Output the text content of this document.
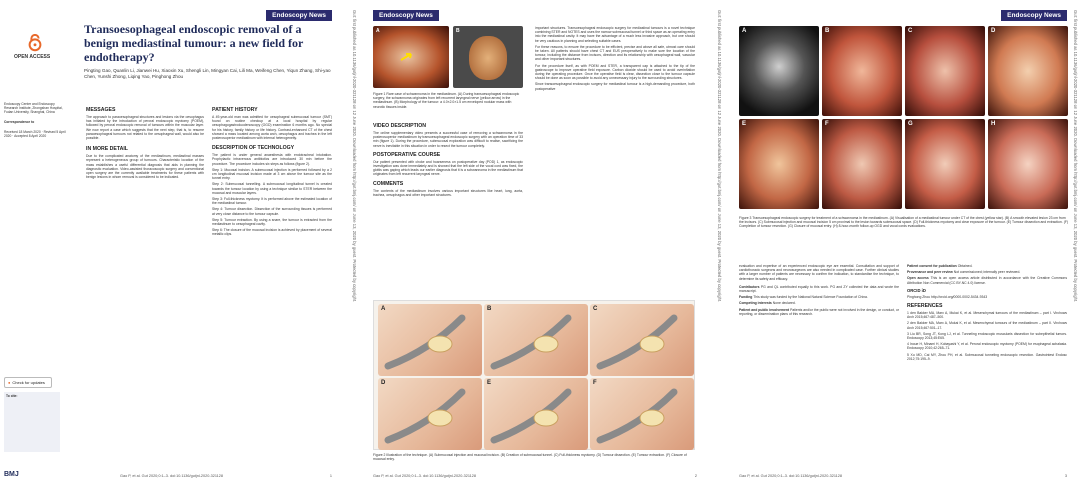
Endoscopy News
OPEN ACCESS
Transoesophageal endoscopic removal of a benign mediastinal tumour: a new field for endotherapy?
Pingting Gao, Quanlin Li, Jianwei Hu, Xiaoxin Xu, Shengli Lin, Mingyan Cai, Lili Ma, Weifeng Chen, Yiqun Zhang, Shi-yao Chen, Yunshi Zhong, Liqing Yao, Pinghong Zhou
Endoscopy Center and Endoscopy Research Institute, Zhongshan Hospital, Fudan University, Shanghai, China
Correspondence to
Received 18 March 2020 · Revised 5 April 2020 · Accepted 8 April 2020
● Check for updates
To cite:
MESSAGES

The approach to paraoesophageal structures and lesions via the oesophagus has initiated by the introduction of peroral endoscopic myotomy (POEM), followed by peroral endoscopic removal of tumours within the muscular layer. We now report a case which suggests that the next step, that is, to resume paraoesophageal tumours not related to the oesophageal wall, would also be possible.

IN MORE DETAIL

Due to the complicated anatomy of the mediastinum, mediastinal masses represent a heterogeneous group of tumours. Characteristic location of the mass establishes a useful differential diagnosis that aids in planning the diagnostic evaluation. Video-assisted thoracoscopic surgery and conventional open surgery are the currently available treatments for these patients with benign lesions in whom removal is considered to be indicated.

PATIENT HISTORY

A 49-year-old man was admitted for oesophageal submucosal tumour (SMT) found on routine checkup at a local hospital by regular oesophagogastroduodenoscopy (OGD) examination 6 months ago. No special for his history, family history or life history. Contrast-enhanced CT of the chest showed a mass located among aorta arch, oesophagus and trachea in the left posterosuperior mediastinum with internal heterogeneity.

DESCRIPTION OF TECHNOLOGY

The patient is under general anaesthesia with endotracheal intubation. Prophylactic intravenous antibiotics are introduced 30 min before the procedure. The procedure includes six steps as follows (figure 2).

Step 1: Mucosal incision. A submucosal injection is performed followed by a 2 cm longitudinal mucosal incision made at 3 cm above the tumour site as the tunnel entry.

Step 2: Submucosal tunnelling. A submucosal longitudinal tunnel is created towards the tumour location by using a technique similar to STER between the mucosal and muscular layers.

Step 3: Full-thickness myotomy. It is performed above the estimated location of the mediastinal tumour.

Step 4: Tumour dissection. Dissection of the surrounding tissues is performed at very close distance to the tumour capsule.

Step 5: Tumour extraction. By using a snare, the tumour is extracted from the mediastinum to oesophageal cavity.

Step 6: The closure of the mucosal incision is achieved by placement of several metallic clips.

BMJ	Gao P, et al. Gut 2020;0:1–3. doi:10.1136/gutjnl-2020-321128	1
Gut: first published as 10.1136/gutjnl-2020-321128 on 12 June 2020. Downloaded from http://gut.bmj.com/ on June 13, 2020 by guest. Protected by copyright.	Endoscopy News
A	B
Figure 1 Rare case of schwannoma in the mediastinum. (A) During transoesophageal endoscopic surgery, the schwannoma originates from left recurrent laryngeal nerve (yellow arrow) in the mediastinum. (B) Morphology of the tumour: a 4.0×2.0×1.5 cm enveloped nodular mass with neurotic tissues inside.
VIDEO DESCRIPTION

The online supplementary video presents a successful case of removing a schwannoma in the posterosuperior mediastinum by transoesophageal endoscopic surgery with an operation time of 33 min (figure 1). During the procedure, submucosal exploration was difficult to realise, sacrificing the nerve is inevitable in this situation in order to resect the tumour completely.

POSTOPERATIVE COURSE

Our patient presented with choke and hoarseness on postoperative day (POD) 1, as endoscopic investigation was done immediately and is showed that the left side of the vocal cord was fixed, the glottis was gaping which leads our earlier diagnosis that it is a schwannoma in the mediastinum that originates from left recurrent laryngeal nerve.

COMMENTS

The contents of the mediastinum involves various important structures like heart, lung, aorta, trachea, oesophagus and other important structures.

important structures. Transoesophageal endoscopic surgery for mediastinal tumours is a novel technique combining STER and NOTES and uses the narrow submucosal tunnel or third space as an operating entry into the mediastinal cavity. It may have the advantage of a much less invasive approach, but one should be very cautious in planning and selecting suitable cases.

For these reasons, to ensure the procedure to be efficient, precise and above all safe, utmost care should be taken. All patients should have chest CT and EUS preoperatively to make sure the location of the tumour, including the distance from incisors, direction and its relationship with oesophageal wall, vascular and other important structures.

For the procedure itself, as with POEM and STER, a transparent cap is attached to the tip of the gastroscope to improve operative field exposure. Carbon dioxide should be used to avoid overinflation during the operating procedure. Once the operative field is clear, dissection close to the tumour capsule should be done as soon as possible to avoid any unnecessary injury to the surrounding structures.

Since transoesophageal endoscopic surgery for mediastinal tumour is a high-demanding procedure, both postoperative

A	B	C
D	E	F
Figure 2 Illustration of the technique. (A) Submucosal injection and mucosal incision. (B) Creation of submucosal tunnel. (C) Full-thickness myotomy. (D) Tumour dissection. (E) Tumour extraction. (F) Closure of mucosal entry.
Gao P, et al. Gut 2020;0:1–3. doi:10.1136/gutjnl-2020-321128	2
Gut: first published as 10.1136/gutjnl-2020-321128 on 12 June 2020. Downloaded from http://gut.bmj.com/ on June 13, 2020 by guest. Protected by copyright.	Endoscopy News
A	B	C	D
E	F	G	H
Figure 3 Transoesophageal endoscopic surgery for treatment of a schwannoma in the mediastinum. (A) Visualisation of a mediastinal tumour under CT of the chest (yellow star). (B) A smooth elevated lesion 23 cm from the incisors. (C) Submucosal injection and mucosal incision 5 cm proximal to the lesion towards submucosal space. (D) Full-thickness myotomy and clear exposure of the tumour. (E) Tumour dissection and extraction. (F) Completion of tumour resection. (G) Closure of mucosal entry. (H) 8-hour-month follow-up OGD and vocal cords evaluations.

evaluation and expertise of an experienced endoscopic eye are essential. Consultation and support of cardiothoracic surgeons and neurosurgeons are also needed in complicated case. Further clinical studies with a larger number of patients are necessary to confirm the indication, to standardise the technique, to determine its safety and efficacy.

Contributors PG and QL contributed equally to this work. PG and ZY collected the data and wrote the manuscript.

Funding This study was funded by the National Natural Science Foundation of China.

Competing interests None declared.

Patient and public involvement Patients and/or the public were not involved in the design, or conduct, or reporting, or dissemination plans of this research.

Patient consent for publication Obtained.

Provenance and peer review Not commissioned; internally peer reviewed.

Open access This is an open access article distributed in accordance with the Creative Commons Attribution Non Commercial (CC BY-NC 4.0) license.

ORCID iD

Pinghong Zhou http://orcid.org/0000-0002-5434-9343

REFERENCES

1 den Bakker MA, Marx A, Mukai K, et al. Mesenchymal tumours of the mediastinum – part I. Virchows Arch 2015;467:487–500.

2 den Bakker MA, Marx A, Mukai K, et al. Mesenchymal tumours of the mediastinum – part II. Virchows Arch 2015;467:501–17.

3 Liu BR, Song JT, Kong LJ, et al. Tunneling endoscopic muscularis dissection for subepithelial tumors. Endoscopy 2013;45:E65.

4 Inoue H, Minami H, Kobayashi Y, et al. Peroral endoscopic myotomy (POEM) for esophageal achalasia. Endoscopy 2010;42:265–71.

5 Xu MD, Cai MY, Zhou PH, et al. Submucosal tunneling endoscopic resection. Gastrointest Endosc 2012;75:195–9.

Gao P, et al. Gut 2020;0:1–3. doi:10.1136/gutjnl-2020-321128	3
Gut: first published as 10.1136/gutjnl-2020-321128 on 12 June 2020. Downloaded from http://gut.bmj.com/ on June 13, 2020 by guest. Protected by copyright.
